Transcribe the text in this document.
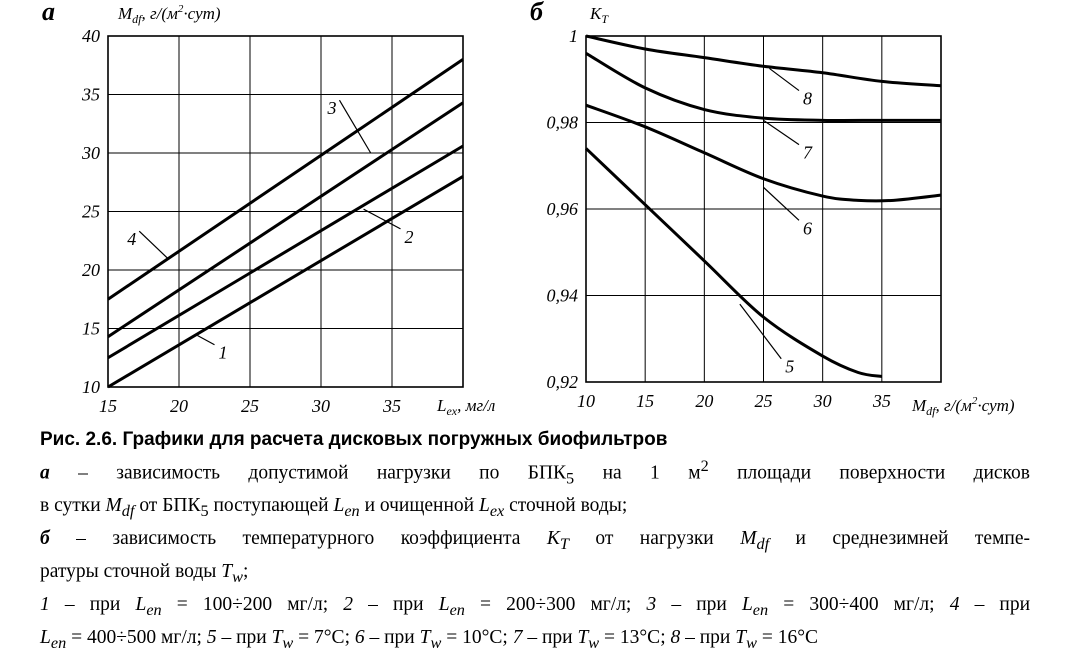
а	$M_{df}$, $г/(м^2\cdot сут)$
1
2
3
4
15	20	25	30	35
10
15
20
25
30
35
40
$L_{ex}$, мг/л
б	$K_T$
5
6
7
8
10 15 20 25 30 35
0,92
0,94
0,96
0,98
1
$M_{df}$, $г/(м^2\cdot сут)$
Рис. 2.6. Графики для расчета дисковых погружных биофильтров
а – зависимость допустимой нагрузки по $БПК_5$ на 1 $м^2$ площади поверхности дисков
в сутки $M_{df}$ от $БПК_5$ поступающей $L_{en}$ и очищенной $L_{ex}$ сточной воды;
б – зависимость температурного коэффициента $K_T$ от нагрузки $M_{df}$ и среднезимней темпе-
ратуры сточной воды $T_w$;
1 – при $L_{en} = 100\div 200$ мг/л; 2 – при $L_{en} = 200\div 300$ мг/л; 3 – при $L_{en} = 300\div 400$ мг/л; 4 – при
$L_{en} = 400\div 500$ мг/л; 5 – при $T_w = 7^\circ C$; 6 – при $T_w = 10^\circ C$; 7 – при $T_w = 13^\circ C$; 8 – при $T_w = 16^\circ C$
